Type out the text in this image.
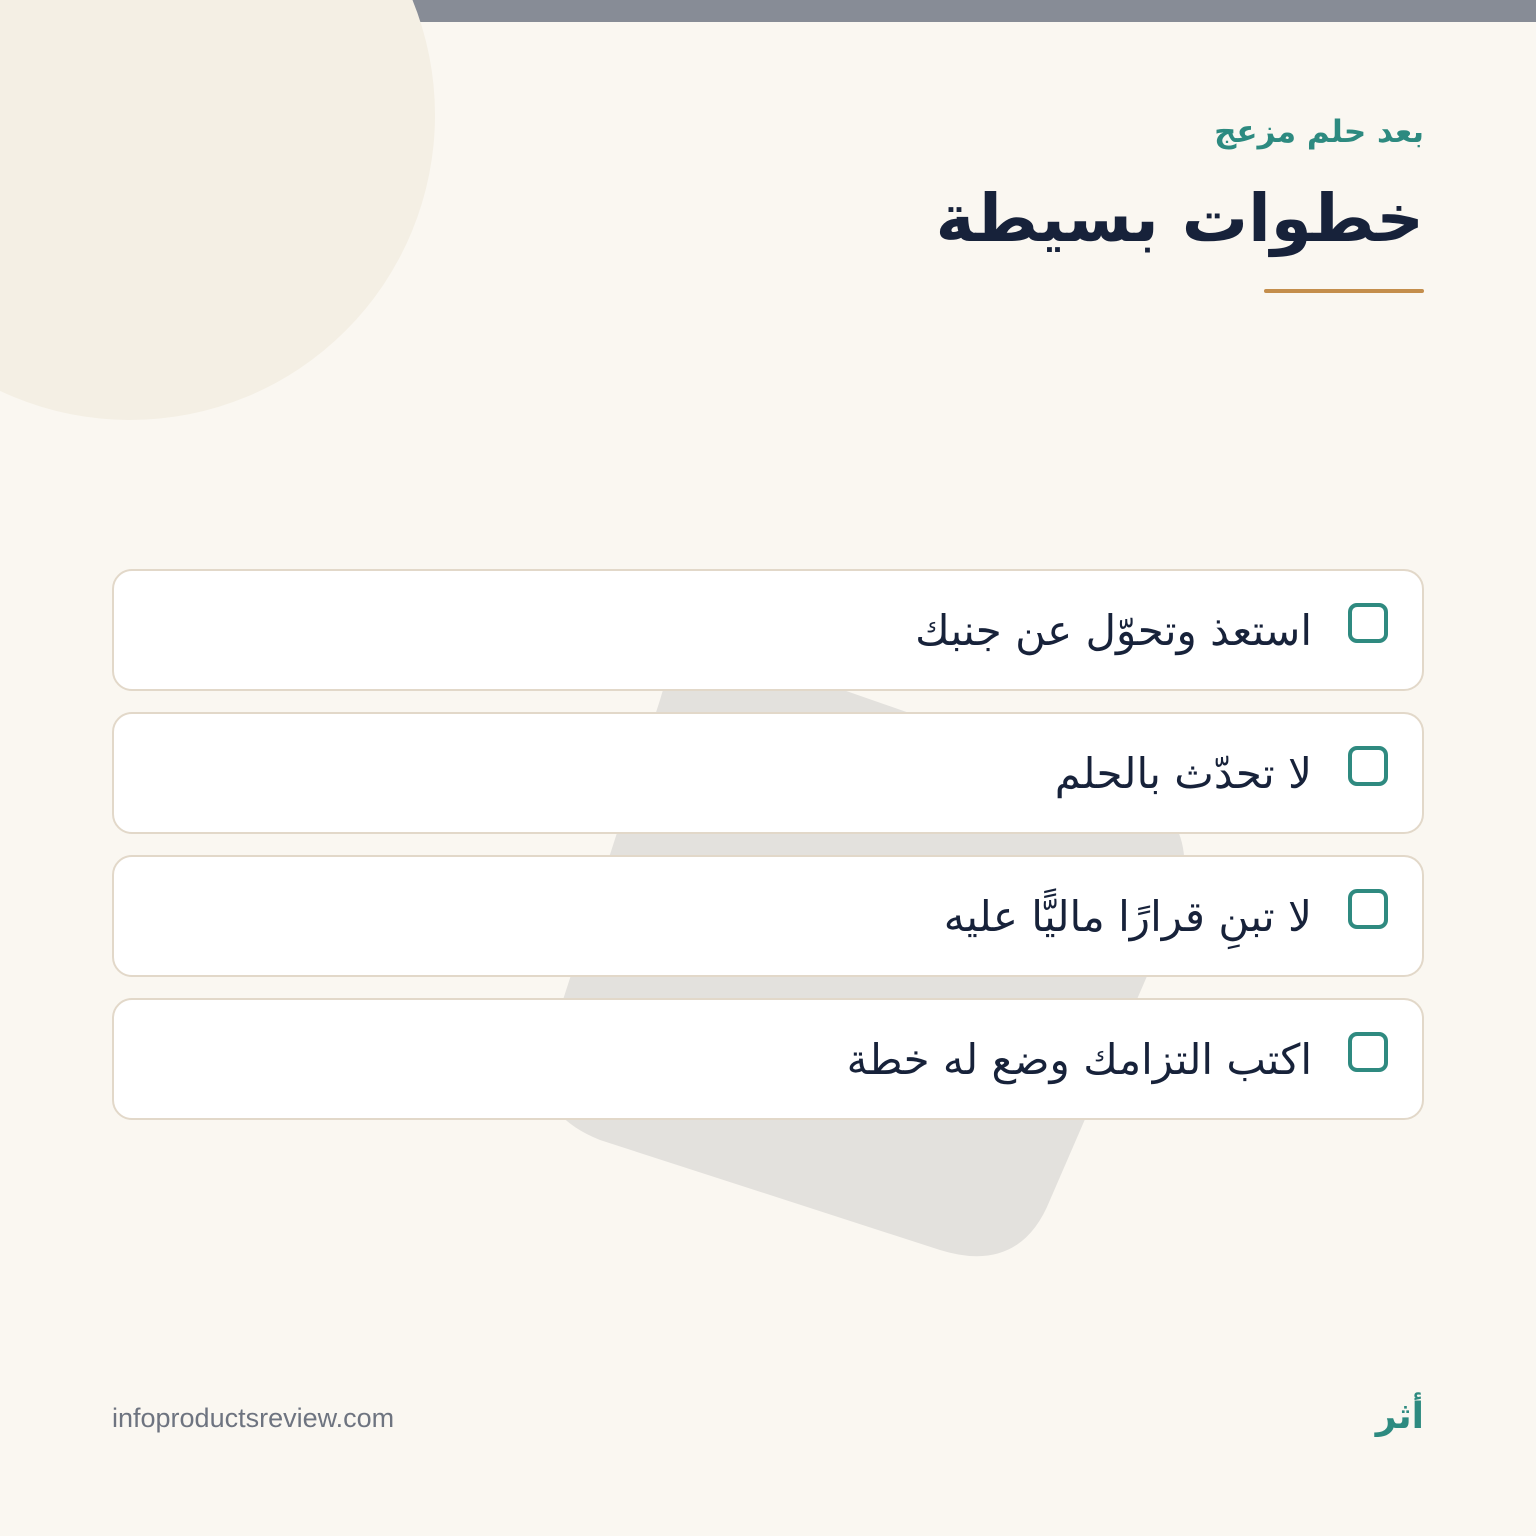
بعد حلم مزعج
خطوات بسيطة
استعذ وتحوّل عن جنبك
لا تحدّث بالحلم
لا تبنِ قرارًا ماليًّا عليه
اكتب التزامك وضع له خطة
infoproductsreview.com	أثر
